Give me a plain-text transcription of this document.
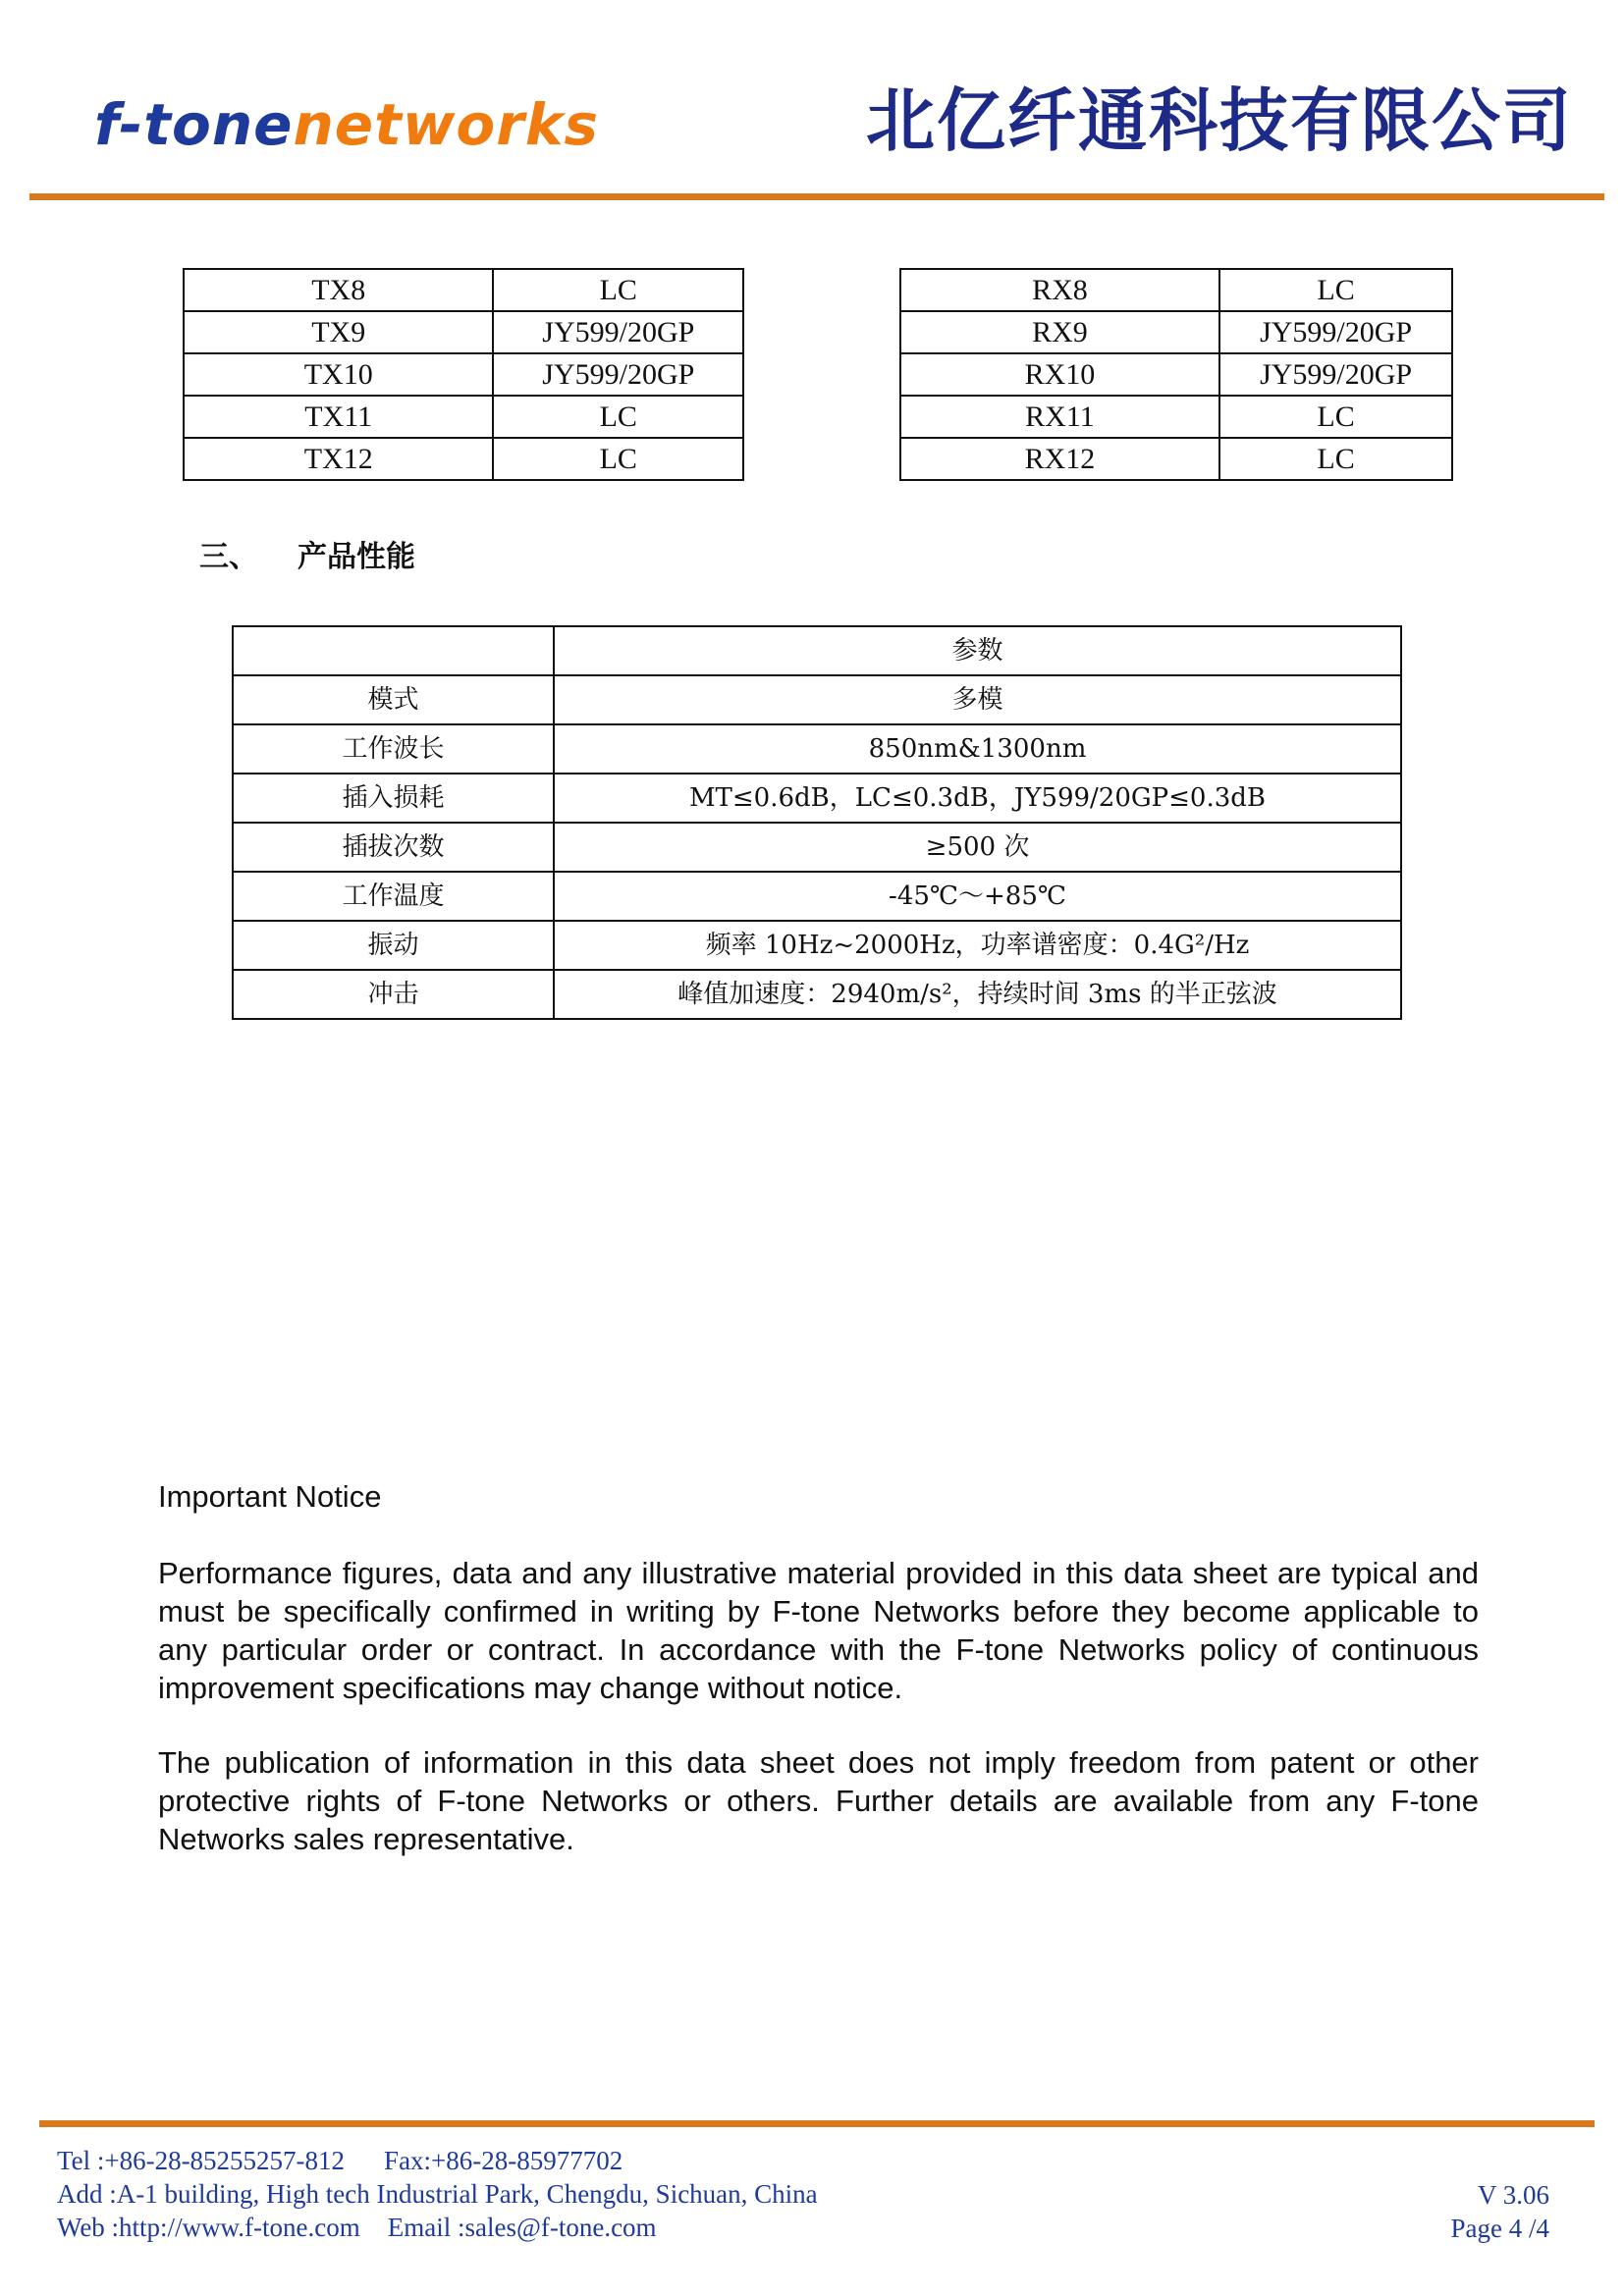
f-tonenetworks	北亿纤通科技有限公司
TX8	LC		RX8	LC
TX9	JY599/20GP		RX9	JY599/20GP
TX10	JY599/20GP		RX10	JY599/20GP
TX11	LC		RX11	LC
TX12	LC		RX12	LC
三、 产品性能
	参数
模式	多模
工作波长	850nm&1300nm
插入损耗	MT≤0.6dB，LC≤0.3dB，JY599/20GP≤0.3dB
插拔次数	≥500 次
工作温度	-45℃～+85℃
振动	频率 10Hz~2000Hz，功率谱密度：0.4G²/Hz
冲击	峰值加速度：2940m/s²，持续时间 3ms 的半正弦波

Important Notice

Performance figures, data and any illustrative material provided in this data sheet are typical and must be specifically confirmed in writing by F-tone Networks before they become applicable to any particular order or contract. In accordance with the F-tone Networks policy of continuous improvement specifications may change without notice.

The publication of information in this data sheet does not imply freedom from patent or other protective rights of F-tone Networks or others. Further details are available from any F-tone Networks sales representative.

Tel :+86-28-85255257-812 Fax:+86-28-85977702
Add :A-1 building, High tech Industrial Park, Chengdu, Sichuan, China
Web :http://www.f-tone.com Email :sales@f-tone.com
V 3.06
Page 4 /4
